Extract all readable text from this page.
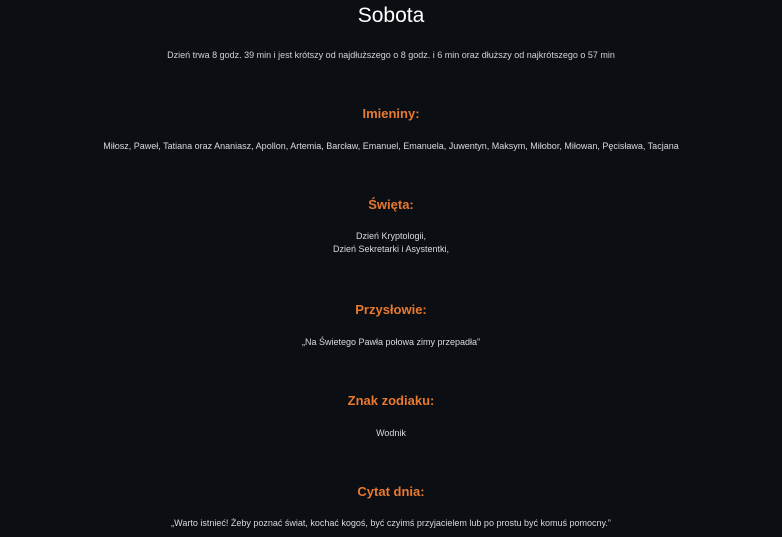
Sobota
Dzień trwa 8 godz. 39 min i jest krótszy od najdłuższego o 8 godz. i 6 min oraz dłuższy od najkrótszego o 57 min
Imieniny:
Miłosz, Paweł, Tatiana oraz Ananiasz, Apollon, Artemia, Barcław, Emanuel, Emanuela, Juwentyn, Maksym, Miłobor, Miłowan, Pęcisława, Tacjana
Święta:
Dzień Kryptologii,
Dzień Sekretarki i Asystentki,
Przysłowie:
„Na Świetego Pawła połowa zimy przepadła”
Znak zodiaku:
Wodnik
Cytat dnia:
„Warto istnieć! Żeby poznać świat, kochać kogoś, być czyimś przyjacielem lub po prostu być komuś pomocny.”
